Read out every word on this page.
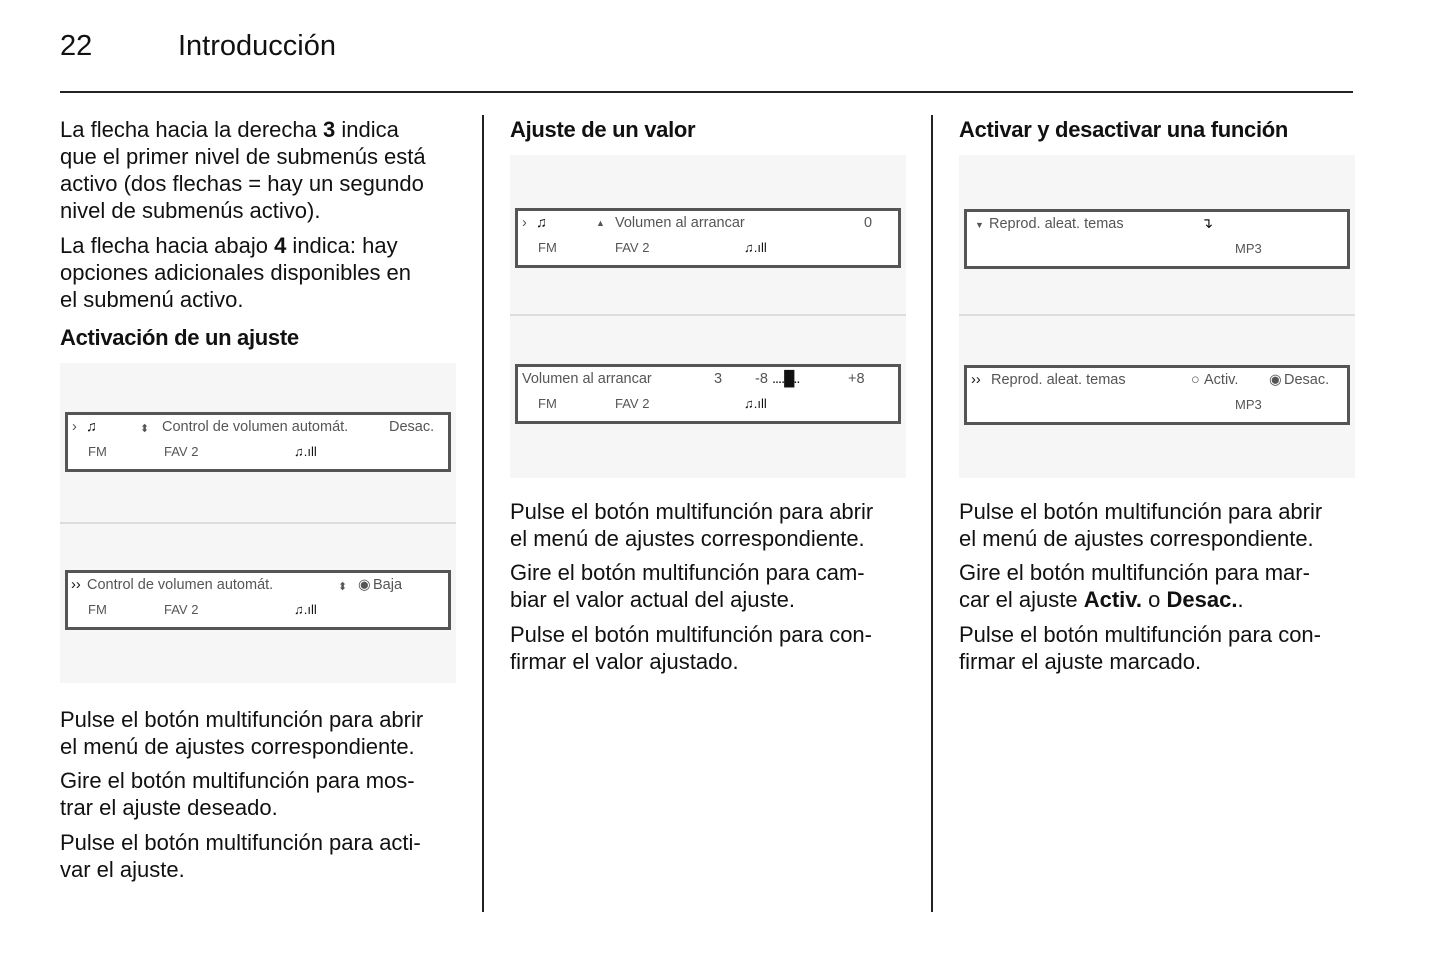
22	Introducción
La flecha hacia la derecha 3 indica
que el primer nivel de submenús está
activo (dos flechas = hay un segundo
nivel de submenús activo).
La flecha hacia abajo 4 indica: hay
opciones adicionales disponibles en
el submenú activo.
Activación de un ajuste
› ♫	⬍ Control de volumen automát.	Desac.
FM	FAV 2	♫.ıll
›› Control de volumen automát.	⬍ ◉ Baja
FM	FAV 2	♫.ıll
Pulse el botón multifunción para abrir
el menú de ajustes correspondiente.
Gire el botón multifunción para mos-
trar el ajuste deseado.
Pulse el botón multifunción para acti-
var el ajuste.
Ajuste de un valor
› ♫	▲ Volumen al arrancar	0
FM	FAV 2	♫.ıll
Volumen al arrancar	3 -8 ....█..	+8
FM	FAV 2	♫.ıll
Pulse el botón multifunción para abrir
el menú de ajustes correspondiente.
Gire el botón multifunción para cam-
biar el valor actual del ajuste.
Pulse el botón multifunción para con-
firmar el valor ajustado.
Activar y desactivar una función
▼ Reprod. aleat. temas	↴
MP3
›› Reprod. aleat. temas	○ Activ. ◉ Desac.
MP3
Pulse el botón multifunción para abrir
el menú de ajustes correspondiente.
Gire el botón multifunción para mar-
car el ajuste Activ. o Desac..
Pulse el botón multifunción para con-
firmar el ajuste marcado.
